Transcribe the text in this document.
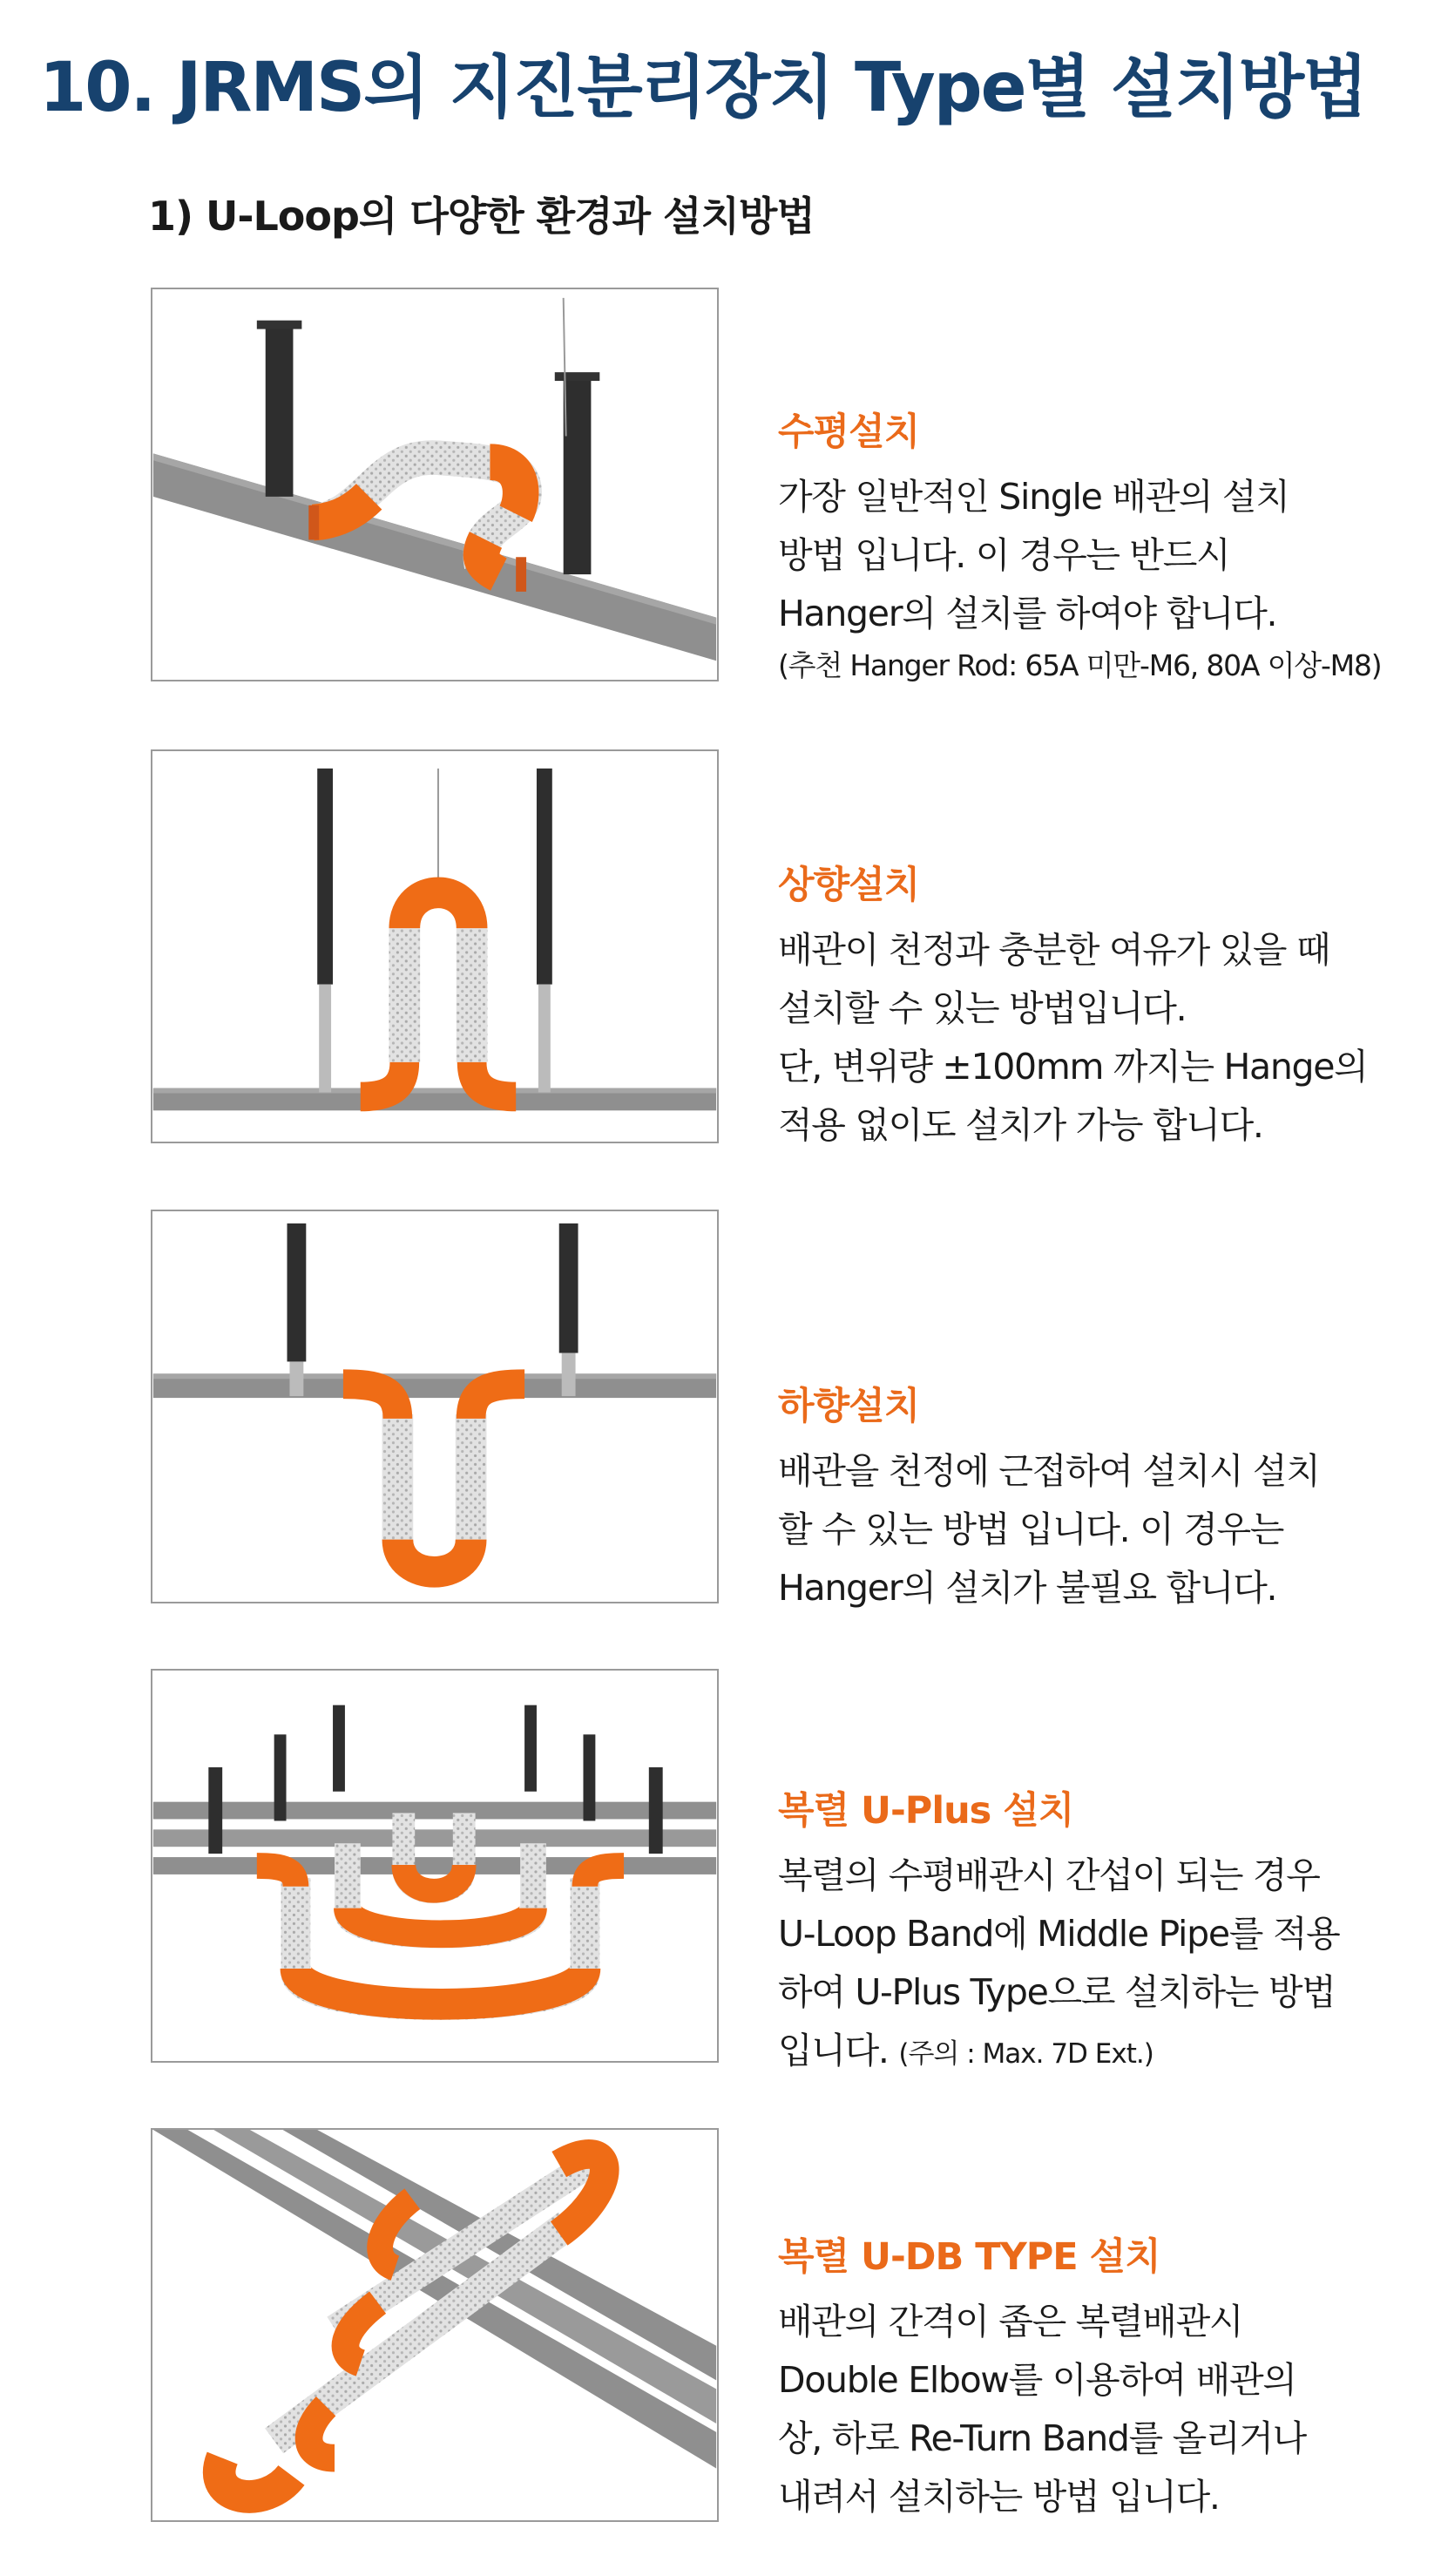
10. JRMS의 지진분리장치 Type별 설치방법
1) U-Loop의 다양한 환경과 설치방법
수평설치

가장 일반적인 Single 배관의 설치

방법 입니다. 이 경우는 반드시

Hanger의 설치를 하여야 합니다.

(추천 Hanger Rod: 65A 미만-M6, 80A 이상-M8)

상향설치

배관이 천정과 충분한 여유가 있을 때

설치할 수 있는 방법입니다.

단, 변위량 ±100mm 까지는 Hange의

적용 없이도 설치가 가능 합니다.

하향설치

배관을 천정에 근접하여 설치시 설치

할 수 있는 방법 입니다. 이 경우는

Hanger의 설치가 불필요 합니다.

복렬 U-Plus 설치

복렬의 수평배관시 간섭이 되는 경우

U-Loop Band에 Middle Pipe를 적용

하여 U-Plus Type으로 설치하는 방법

입니다. (주의 : Max. 7D Ext.)

복렬 U-DB TYPE 설치

배관의 간격이 좁은 복렬배관시

Double Elbow를 이용하여 배관의

상, 하로 Re-Turn Band를 올리거나

내려서 설치하는 방법 입니다.
